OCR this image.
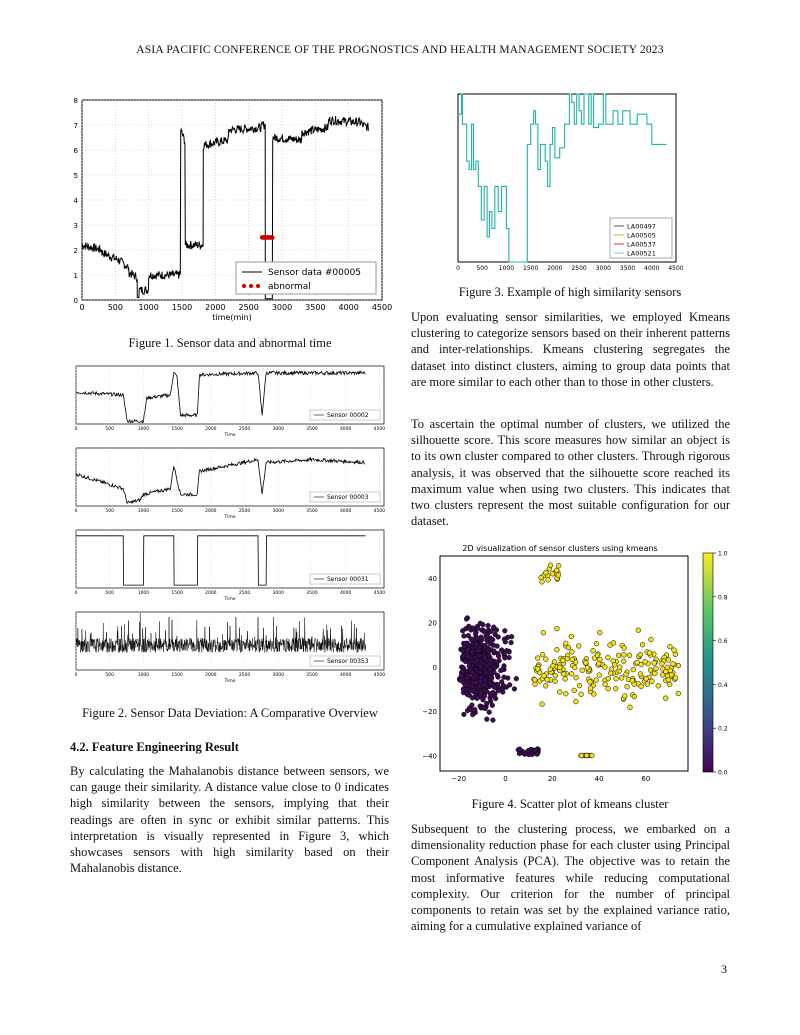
ASIA PACIFIC CONFERENCE OF THE PROGNOSTICS AND HEALTH MANAGEMENT SOCIETY 2023
0	500 1000 1500 2000 2500 3000 3500 4000 4500
0
1
2
3
4
5
6
7
8
Sensor data #00005
abnormal
time(min)
Figure 1. Sensor data and abnormal time
0	500	1000	1500	2000	2500	3000	3500	4000	4500
Time
Sensor 00002
0	500	1000	1500	2000	2500	3000	3500	4000	4500
Time
Sensor 00003
0	500	1000	1500	2000	2500	3000	3500	4000	4500
Time
Sensor 00031
0	500	1000	1500	2000	2500	3000	3500	4000	4500
Time
Sensor 00353
Figure 2. Sensor Data Deviation: A Comparative Overview
4.2. Feature Engineering Result
By calculating the Mahalanobis distance between sensors, we can gauge their similarity. A distance value close to 0 indicates high similarity between the sensors, implying that their readings are often in sync or exhibit similar patterns. This interpretation is visually represented in Figure 3, which showcases sensors with high similarity based on their Mahalanobis distance.
0	500 1000 1500 2000 2500 3000 3500 4000 4500
LA00497
LA00505
LA00537
LA00521
Figure 3. Example of high similarity sensors
Upon evaluating sensor similarities, we employed Kmeans clustering to categorize sensors based on their inherent patterns and inter-relationships. Kmeans clustering segregates the dataset into distinct clusters, aiming to group data points that are more similar to each other than to those in other clusters.
To ascertain the optimal number of clusters, we utilized the silhouette score. This score measures how similar an object is to its own cluster compared to other clusters. Through rigorous analysis, it was observed that the silhouette score reached its maximum value when using two clusters. This indicates that two clusters represent the most suitable configuration for our dataset.
2D visualization of sensor clusters using kmeans
−20	0	20	40	60
40
20
0
−20
−40
1.0
0.8
0.6
0.4
0.2
0.0
Figure 4. Scatter plot of kmeans cluster
Subsequent to the clustering process, we embarked on a dimensionality reduction phase for each cluster using Principal Component Analysis (PCA). The objective was to retain the most informative features while reducing computational complexity. Our criterion for the number of principal components to retain was set by the explained variance ratio, aiming for a cumulative explained variance of
3
